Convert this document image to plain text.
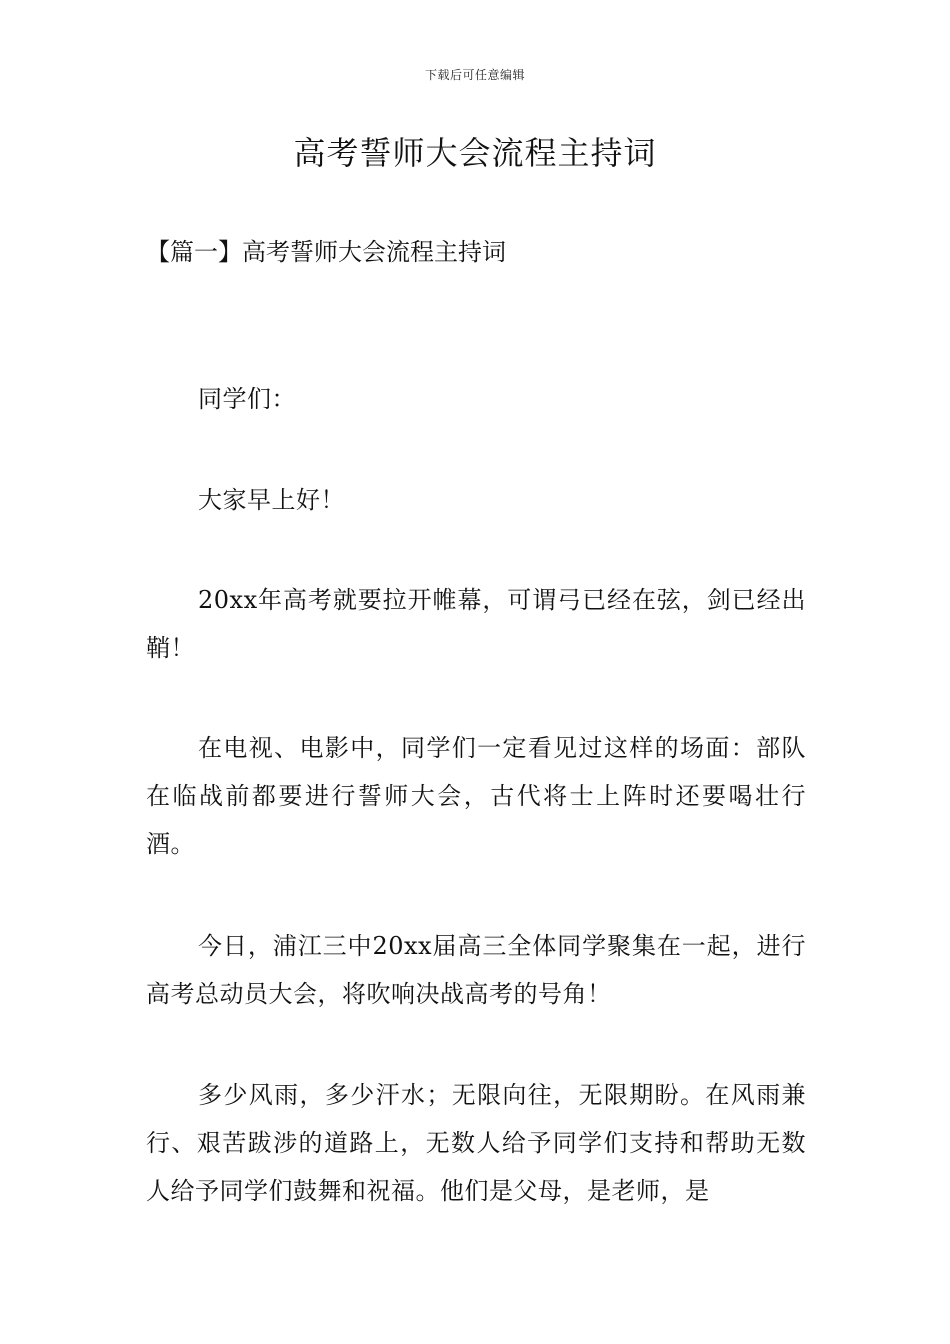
下载后可任意编辑
高考誓师大会流程主持词

【篇一】高考誓师大会流程主持词

同学们：

大家早上好！

20xx年高考就要拉开帷幕，可谓弓已经在弦，剑已经出鞘！

在电视、电影中，同学们一定看见过这样的场面：部队在临战前都要进行誓师大会，古代将士上阵时还要喝壮行酒。

今日，浦江三中20xx届高三全体同学聚集在一起，进行高考总动员大会，将吹响决战高考的号角！

多少风雨，多少汗水；无限向往，无限期盼。在风雨兼行、艰苦跋涉的道路上，无数人给予同学们支持和帮助无数人给予同学们鼓舞和祝福。他们是父母，是老师，是
